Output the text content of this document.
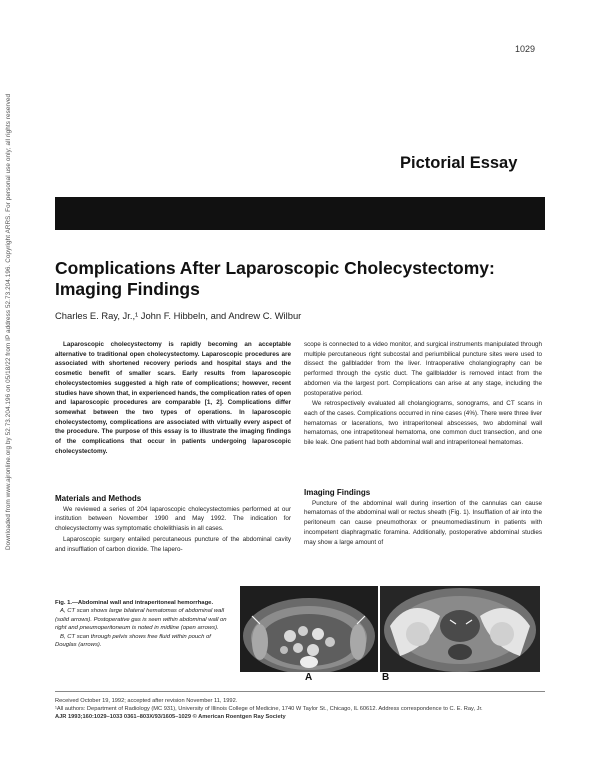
Downloaded from www.ajronline.org by 52.73.204.196 on 05/18/22 from IP address 52.73.204.196. Copyright ARRS. For personal use only; all rights reserved
1029
Pictorial Essay
Complications After Laparoscopic Cholecystectomy:
Imaging Findings
Charles E. Ray, Jr.,¹ John F. Hibbeln, and Andrew C. Wilbur

Laparoscopic cholecystectomy is rapidly becoming an acceptable alternative to traditional open cholecystectomy. Laparoscopic procedures are associated with shortened recovery periods and hospital stays and the cosmetic benefit of smaller scars. Early results from laparoscopic cholecystectomies suggested a high rate of complications; however, recent studies have shown that, in experienced hands, the complication rates of open and laparoscopic procedures are comparable [1, 2]. Complications differ somewhat between the two types of operations. In laparoscopic cholecystectomy, complications are associated with virtually every aspect of the procedure. The purpose of this essay is to illustrate the imaging findings of the complications that occur in patients undergoing laparoscopic cholecystectomy.

Materials and Methods

We reviewed a series of 204 laparoscopic cholecystectomies performed at our institution between November 1990 and May 1992. The indication for cholecystectomy was symptomatic cholelithiasis in all cases.

Laparoscopic surgery entailed percutaneous puncture of the abdominal cavity and insufflation of carbon dioxide. The lapero-

scope is connected to a video monitor, and surgical instruments manipulated through multiple percutaneous right subcostal and periumbilical puncture sites were used to dissect the gallbladder from the liver. Intraoperative cholangiography can be performed through the cystic duct. The gallbladder is removed intact from the abdomen via the largest port. Complications can arise at any stage, including the postoperative period.

We retrospectively evaluated all cholangiograms, sonograms, and CT scans in each of the cases. Complications occurred in nine cases (4%). There were three liver hematomas or lacerations, two intraperitoneal abscesses, two abdominal wall hematomas, one intrapetitoneal hematoma, one common duct transection, and one bile leak. One patient had both abdominal wall and intraperitoneal hematomas.

Imaging Findings

Puncture of the abdominal wall during insertion of the cannulas can cause hematomas of the abdominal wall or rectus sheath (Fig. 1). Insufflation of air into the peritoneum can cause pneumothorax or pneumomediastinum in patients with incompetent diaphragmatic foramina. Additionally, postoperative abdominal studies may show a large amount of

Fig. 1.—Abdominal wall and intraperitoneal hemorrhage.

A, CT scan shows large bilateral hematomas of abdominal wall (solid arrows). Postoperative gas is seen within abdominal wall on right and pneumoperitoneum is noted in midline (open arrows).

B, CT scan through pelvis shows free fluid within pouch of Douglas (arrows).

A	B

Received October 19, 1992; accepted after revision November 11, 1992.

¹All authors: Department of Radiology (MC 931), University of Illinois College of Medicine, 1740 W Taylor St., Chicago, IL 60612. Address correspondence to C. E. Ray, Jr.

AJR 1993;160:1029–1033 0361–803X/93/1605–1029 © American Roentgen Ray Society
